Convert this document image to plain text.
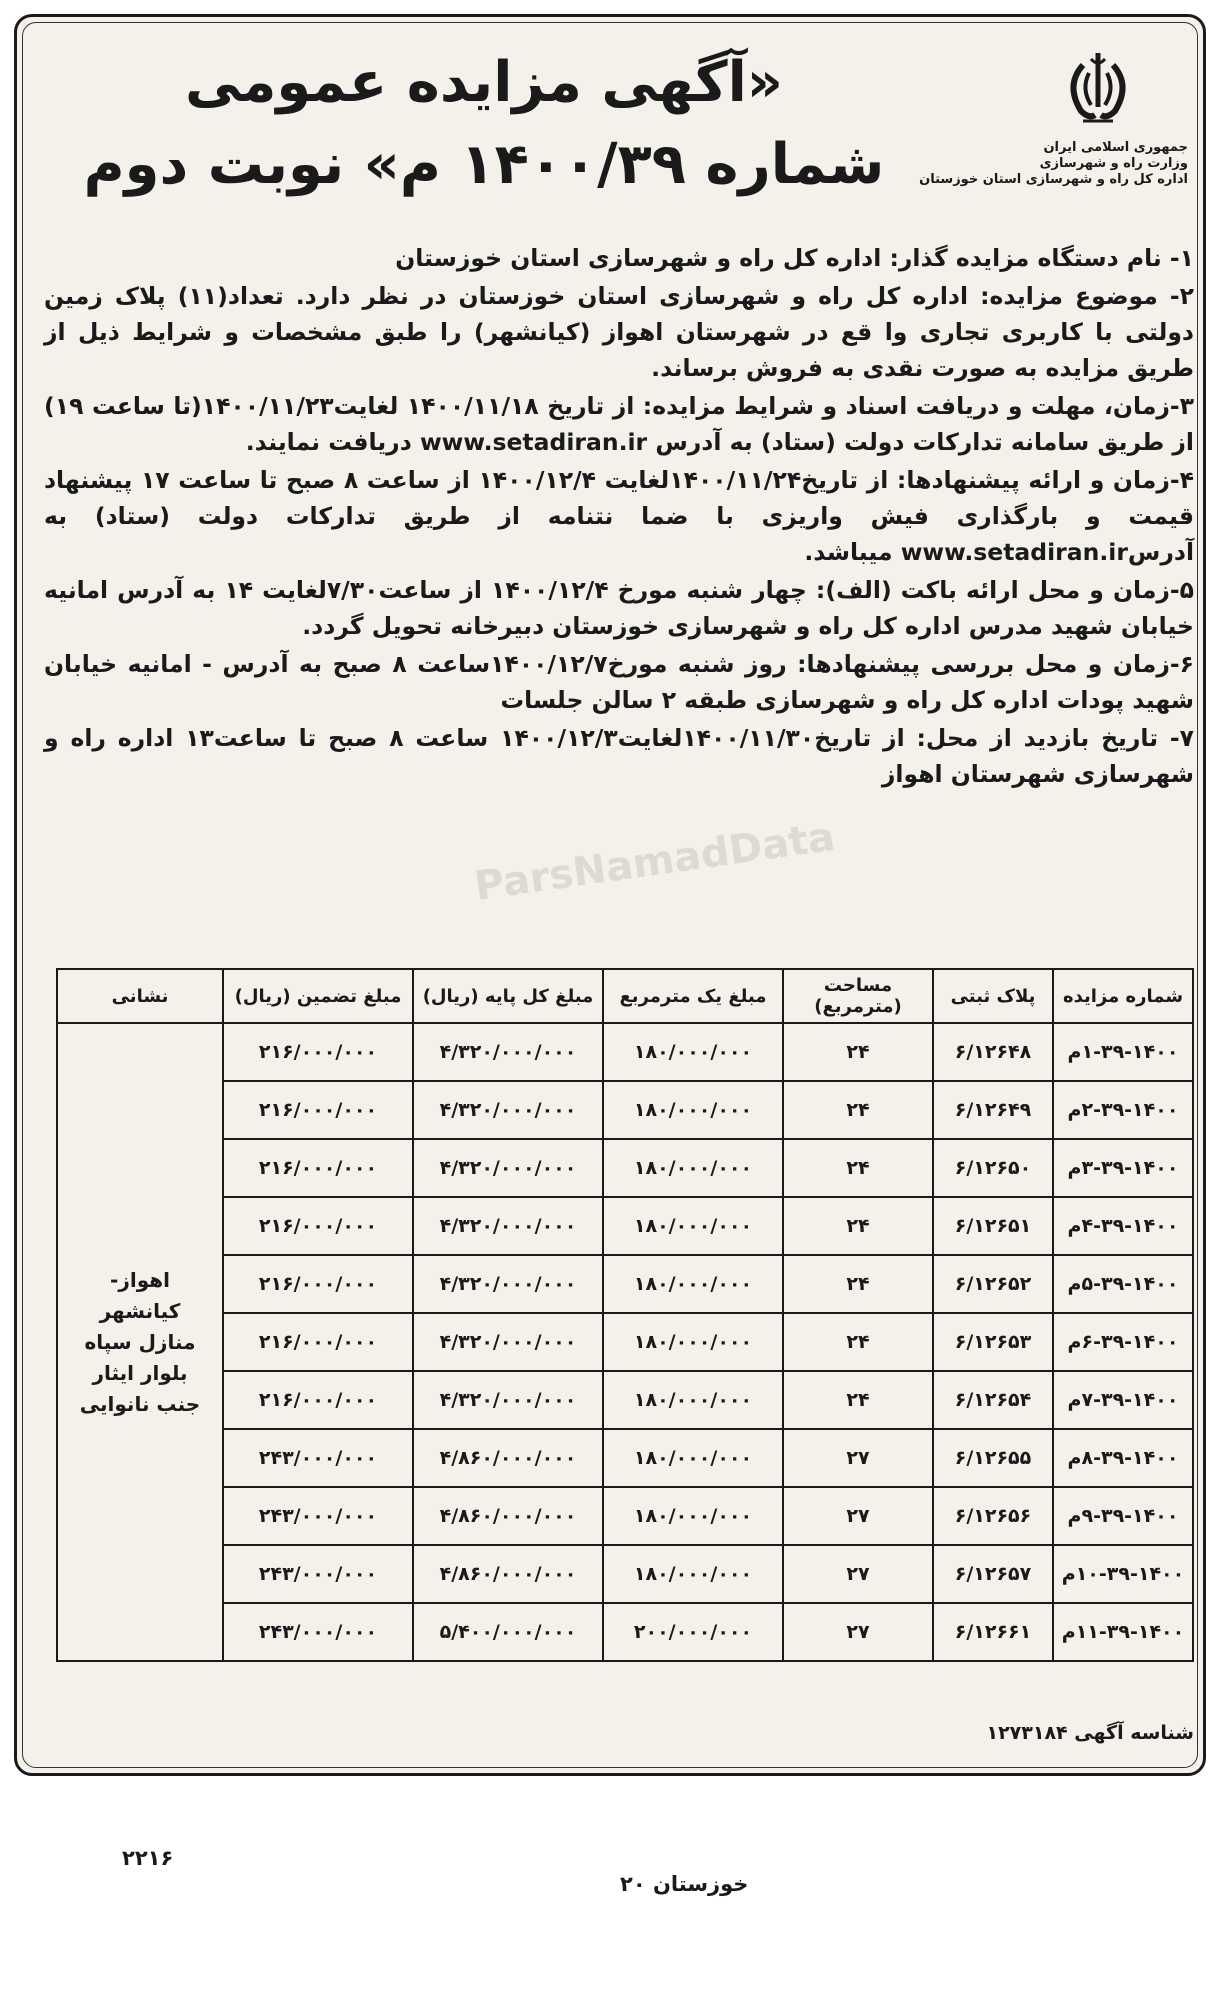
جمهوری اسلامی ایران
وزارت راه و شهرسازی
اداره کل راه و شهرسازی استان خوزستان
«آگهی مزایده عمومی
شماره ۱۴۰۰/۳۹ م» نوبت دوم
ParsNamadData

۱- نام دستگاه مزایده گذار: اداره کل راه و شهرسازی استان خوزستان

۲- موضوع مزایده: اداره کل راه و شهرسازی استان خوزستان در نظر دارد. تعداد(۱۱) پلاک زمین دولتی با کاربری تجاری وا قع در شهرستان اهواز (کیانشهر) را طبق مشخصات و شرایط ذیل از طریق مزایده به صورت نقدی به فروش برساند.

۳-زمان، مهلت و دریافت اسناد و شرایط مزایده: از تاریخ ۱۴۰۰/۱۱/۱۸ لغایت۱۴۰۰/۱۱/۲۳(تا ساعت ۱۹) از طریق سامانه تدارکات دولت (ستاد) به آدرس www.setadiran.ir دریافت نمایند.

۴-زمان و ارائه پیشنهادها: از تاریخ۱۴۰۰/۱۱/۲۴لغایت ۱۴۰۰/۱۲/۴ از ساعت ۸ صبح تا ساعت ۱۷ پیشنهاد قیمت و بارگذاری فیش واریزی با ضما نتنامه از طریق تدارکات دولت (ستاد) به آدرسwww.setadiran.ir میباشد.

۵-زمان و محل ارائه باکت (الف): چهار شنبه مورخ ۱۴۰۰/۱۲/۴ از ساعت۷/۳۰لغایت ۱۴ به آدرس امانیه خیابان شهید مدرس اداره کل راه و شهرسازی خوزستان دبیرخانه تحویل گردد.

۶-زمان و محل بررسی پیشنهادها: روز شنبه مورخ۱۴۰۰/۱۲/۷ساعت ۸ صبح به آدرس - امانیه خیابان شهید پودات اداره کل راه و شهرسازی طبقه ۲ سالن جلسات

۷- تاریخ بازدید از محل: از تاریخ۱۴۰۰/۱۱/۳۰لغایت۱۴۰۰/۱۲/۳ ساعت ۸ صبح تا ساعت۱۳ اداره راه و شهرسازی شهرستان اهواز

شماره مزایده	پلاک ثبتی	مساحت (مترمربع)	مبلغ یک مترمربع	مبلغ کل پایه (ریال)	مبلغ تضمین (ریال)	نشانی
۱-۳۹-۱۴۰۰م	۶/۱۲۶۴۸	۲۴	۱۸۰/۰۰۰/۰۰۰	۴/۳۲۰/۰۰۰/۰۰۰	۲۱۶/۰۰۰/۰۰۰	اهواز-
کیانشهر
منازل سپاه
بلوار ایثار
جنب نانوایی

۲-۳۹-۱۴۰۰م	۶/۱۲۶۴۹	۲۴	۱۸۰/۰۰۰/۰۰۰	۴/۳۲۰/۰۰۰/۰۰۰	۲۱۶/۰۰۰/۰۰۰	
۳-۳۹-۱۴۰۰م	۶/۱۲۶۵۰	۲۴	۱۸۰/۰۰۰/۰۰۰	۴/۳۲۰/۰۰۰/۰۰۰	۲۱۶/۰۰۰/۰۰۰	
۴-۳۹-۱۴۰۰م	۶/۱۲۶۵۱	۲۴	۱۸۰/۰۰۰/۰۰۰	۴/۳۲۰/۰۰۰/۰۰۰	۲۱۶/۰۰۰/۰۰۰	
۵-۳۹-۱۴۰۰م	۶/۱۲۶۵۲	۲۴	۱۸۰/۰۰۰/۰۰۰	۴/۳۲۰/۰۰۰/۰۰۰	۲۱۶/۰۰۰/۰۰۰	
۶-۳۹-۱۴۰۰م	۶/۱۲۶۵۳	۲۴	۱۸۰/۰۰۰/۰۰۰	۴/۳۲۰/۰۰۰/۰۰۰	۲۱۶/۰۰۰/۰۰۰	
۷-۳۹-۱۴۰۰م	۶/۱۲۶۵۴	۲۴	۱۸۰/۰۰۰/۰۰۰	۴/۳۲۰/۰۰۰/۰۰۰	۲۱۶/۰۰۰/۰۰۰	
۸-۳۹-۱۴۰۰م	۶/۱۲۶۵۵	۲۷	۱۸۰/۰۰۰/۰۰۰	۴/۸۶۰/۰۰۰/۰۰۰	۲۴۳/۰۰۰/۰۰۰	
۹-۳۹-۱۴۰۰م	۶/۱۲۶۵۶	۲۷	۱۸۰/۰۰۰/۰۰۰	۴/۸۶۰/۰۰۰/۰۰۰	۲۴۳/۰۰۰/۰۰۰	
۱۰-۳۹-۱۴۰۰م	۶/۱۲۶۵۷	۲۷	۱۸۰/۰۰۰/۰۰۰	۴/۸۶۰/۰۰۰/۰۰۰	۲۴۳/۰۰۰/۰۰۰	
۱۱-۳۹-۱۴۰۰م	۶/۱۲۶۶۱	۲۷	۲۰۰/۰۰۰/۰۰۰	۵/۴۰۰/۰۰۰/۰۰۰	۲۴۳/۰۰۰/۰۰۰	
شناسه آگهی ۱۲۷۳۱۸۴
۲۲۱۶
خوزستان ۲۰
